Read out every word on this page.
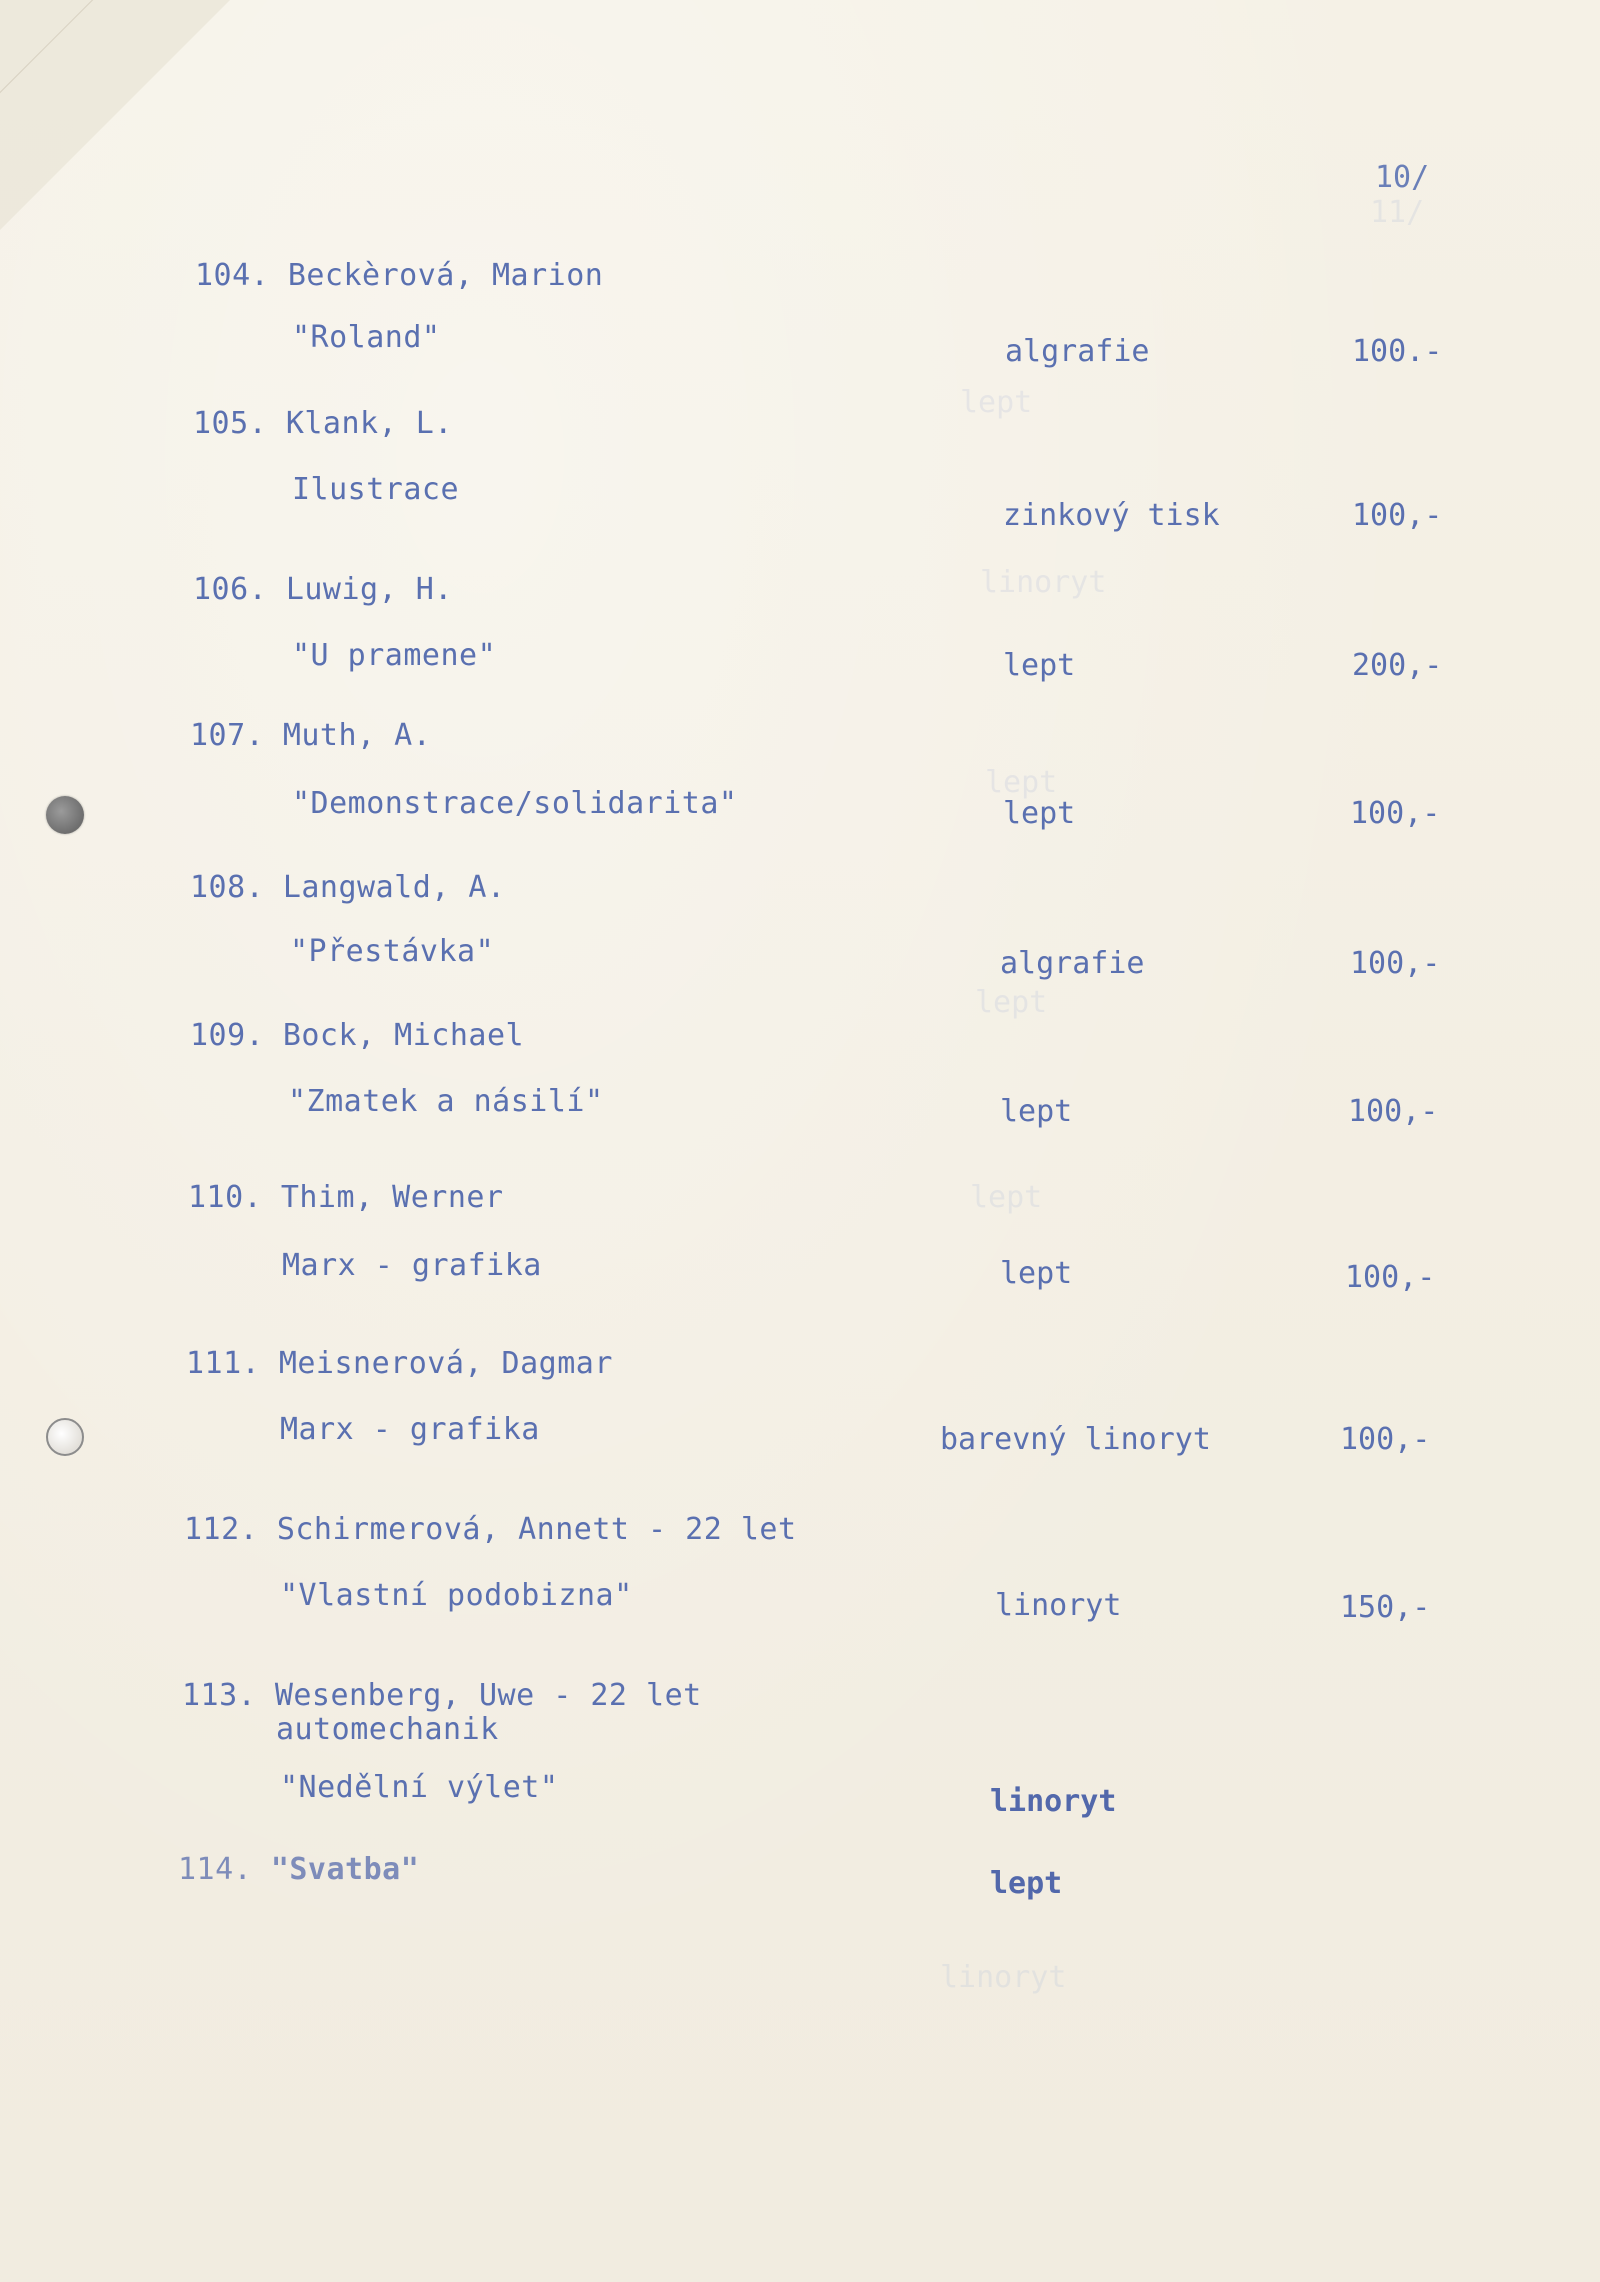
11/
lept
linoryt
lept
lept
lept
linoryt
10/
104. Beckèrová, Marion
"Roland"	algrafie	100.-
105. Klank, L.
Ilustrace
zinkový tisk	100,-
106. Luwig, H.
"U pramene"	lept	200,-
107. Muth, A.
"Demonstrace/solidarita"	lept	100,-
108. Langwald, A.
"Přestávka"	algrafie	100,-
109. Bock, Michael
"Zmatek a násilí"	lept	100,-
110. Thim, Werner
Marx - grafika	lept	100,-
111. Meisnerová, Dagmar
Marx - grafika	barevný linoryt	100,-
112. Schirmerová, Annett - 22 let
"Vlastní podobizna"	linoryt	150,-
113. Wesenberg, Uwe - 22 let
automechanik
"Nedělní výlet"	linoryt
114. "Svatba"	lept
